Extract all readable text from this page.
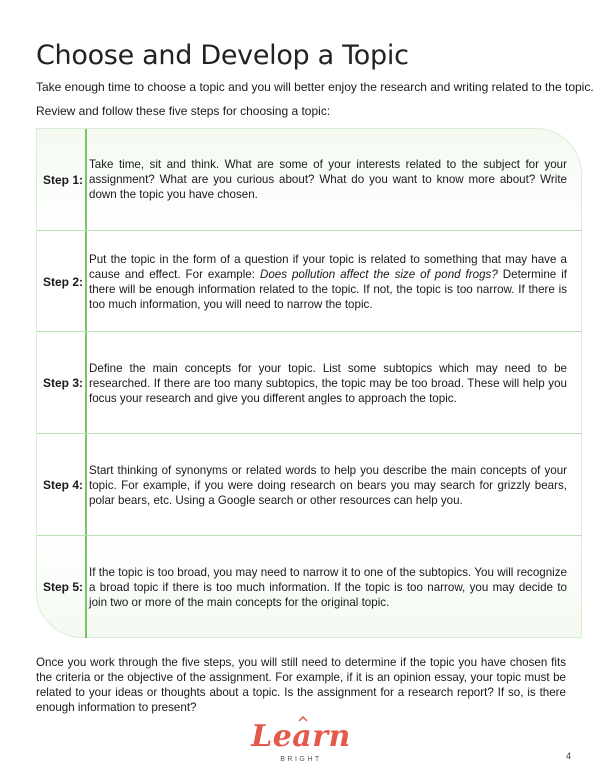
Choose and Develop a Topic

Take enough time to choose a topic and you will better enjoy the research and writing related to the topic.

Review and follow these five steps for choosing a topic:

Step 1:

Take time, sit and think. What are some of your interests related to the subject for your assignment? What are you curious about? What do you want to know more about? Write down the topic you have chosen.

Step 2:

Put the topic in the form of a question if your topic is related to something that may have a cause and effect. For example: Does pollution affect the size of pond frogs? Determine if there will be enough information related to the topic. If not, the topic is too narrow. If there is too much information, you will need to narrow the topic.

Step 3:

Define the main concepts for your topic. List some subtopics which may need to be researched. If there are too many subtopics, the topic may be too broad. These will help you focus your research and give you different angles to approach the topic.

Step 4:

Start thinking of synonyms or related words to help you describe the main concepts of your topic. For example, if you were doing research on bears you may search for grizzly bears, polar bears, etc. Using a Google search or other resources can help you.

Step 5:

If the topic is too broad, you may need to narrow it to one of the subtopics. You will recognize a broad topic if there is too much information. If the topic is too narrow, you may decide to join two or more of the main concepts for the original topic.

Once you work through the five steps, you will still need to determine if the topic you have chosen fits the criteria or the objective of the assignment. For example, if it is an opinion essay, your topic must be related to your ideas or thoughts about a topic. Is the assignment for a research report? If so, is there enough information to present?

Learn
BRIGHT	4
